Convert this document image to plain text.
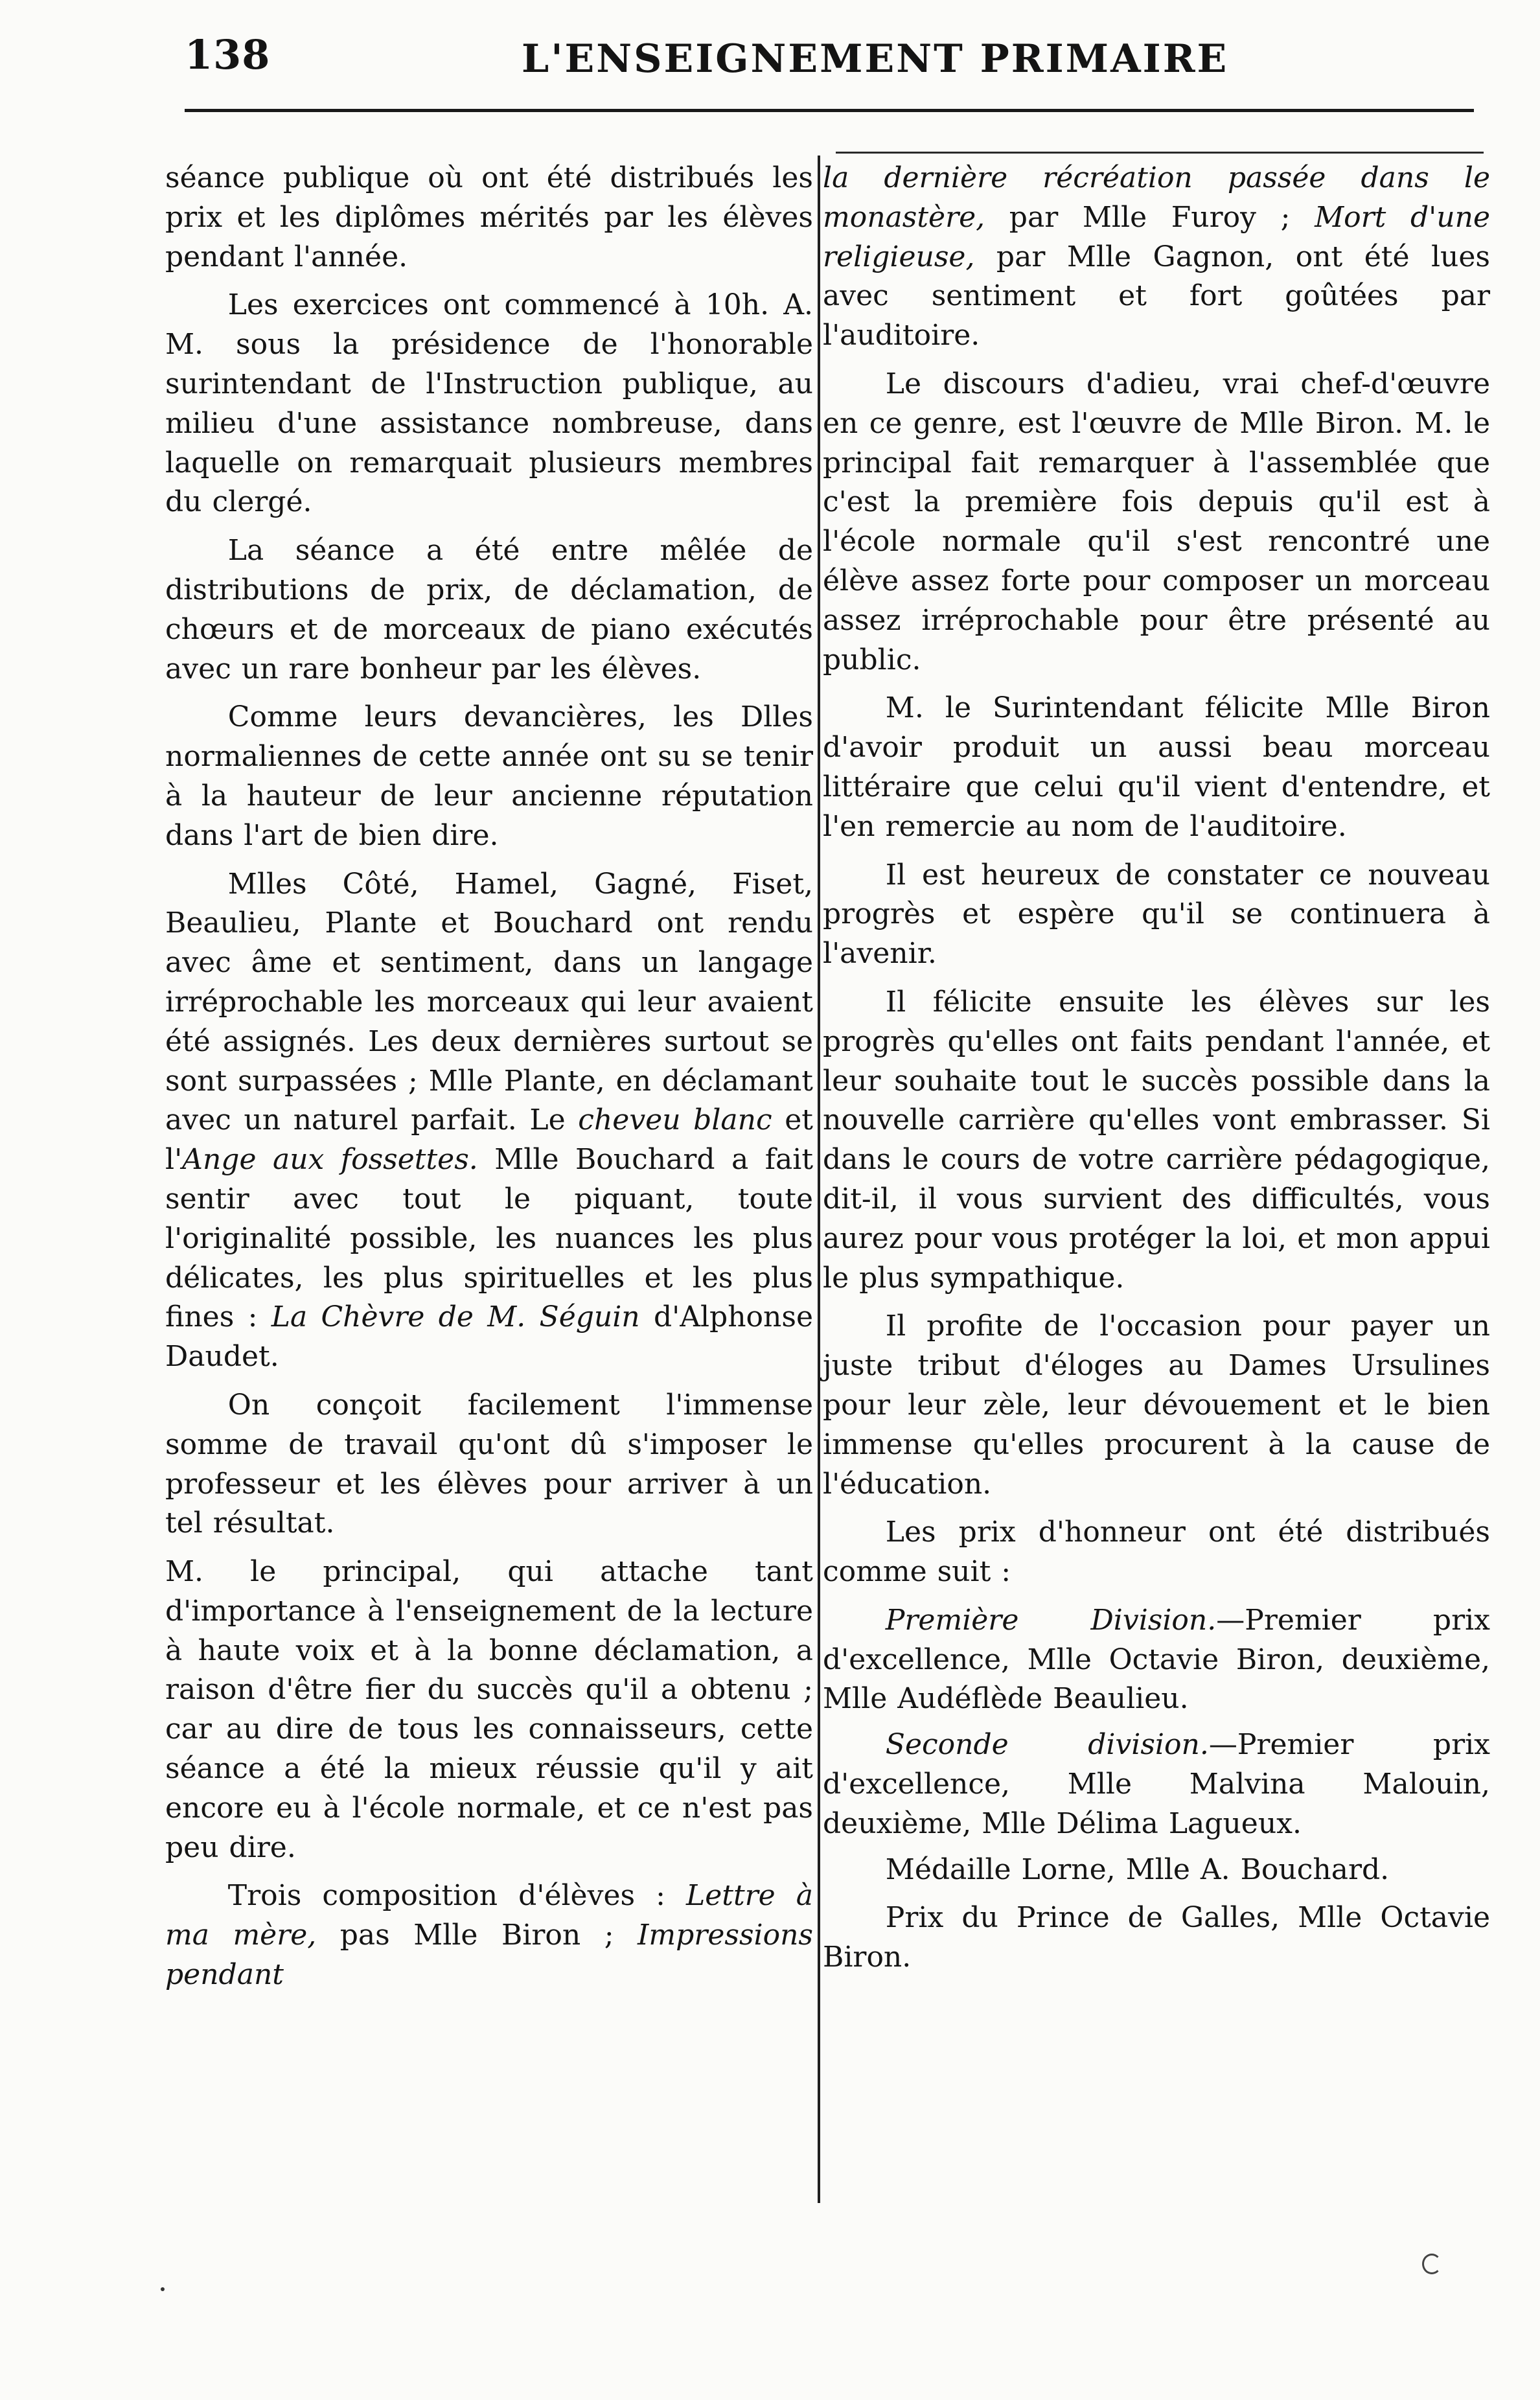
138	L'ENSEIGNEMENT PRIMAIRE

séance publique où ont été distribués les prix et les diplômes mérités par les élèves pendant l'année.

Les exercices ont commencé à 10h. A. M. sous la présidence de l'honorable surintendant de l'Instruction publique, au milieu d'une assistance nombreuse, dans laquelle on remarquait plusieurs membres du clergé.

La séance a été entre mêlée de distributions de prix, de déclamation, de chœurs et de morceaux de piano exécutés avec un rare bonheur par les élèves.

Comme leurs devancières, les Dlles normaliennes de cette année ont su se tenir à la hauteur de leur ancienne réputation dans l'art de bien dire.

Mlles Côté, Hamel, Gagné, Fiset, Beaulieu, Plante et Bouchard ont rendu avec âme et sentiment, dans un langage irréprochable les morceaux qui leur avaient été assignés. Les deux dernières surtout se sont surpassées ; Mlle Plante, en déclamant avec un naturel parfait. Le cheveu blanc et l'Ange aux fossettes. Mlle Bouchard a fait sentir avec tout le piquant, toute l'originalité possible, les nuances les plus délicates, les plus spirituelles et les plus fines : La Chèvre de M. Séguin d'Alphonse Daudet.

On conçoit facilement l'immense somme de travail qu'ont dû s'imposer le professeur et les élèves pour arriver à un tel résultat.

M. le principal, qui attache tant d'importance à l'enseignement de la lecture à haute voix et à la bonne déclamation, a raison d'être fier du succès qu'il a obtenu ; car au dire de tous les connaisseurs, cette séance a été la mieux réussie qu'il y ait encore eu à l'école normale, et ce n'est pas peu dire.

Trois composition d'élèves : Lettre à ma mère, pas Mlle Biron ; Impressions pendant

la dernière récréation passée dans le monastère, par Mlle Furoy ; Mort d'une religieuse, par Mlle Gagnon, ont été lues avec sentiment et fort goûtées par l'auditoire.

Le discours d'adieu, vrai chef-d'œuvre en ce genre, est l'œuvre de Mlle Biron. M. le principal fait remarquer à l'assemblée que c'est la première fois depuis qu'il est à l'école normale qu'il s'est rencontré une élève assez forte pour composer un morceau assez irréprochable pour être présenté au public.

M. le Surintendant félicite Mlle Biron d'avoir produit un aussi beau morceau littéraire que celui qu'il vient d'entendre, et l'en remercie au nom de l'auditoire.

Il est heureux de constater ce nouveau progrès et espère qu'il se continuera à l'avenir.

Il félicite ensuite les élèves sur les progrès qu'elles ont faits pendant l'année, et leur souhaite tout le succès possible dans la nouvelle carrière qu'elles vont embrasser. Si dans le cours de votre carrière pédagogique, dit-il, il vous survient des difficultés, vous aurez pour vous protéger la loi, et mon appui le plus sympathique.

Il profite de l'occasion pour payer un juste tribut d'éloges au Dames Ursulines pour leur zèle, leur dévouement et le bien immense qu'elles procurent à la cause de l'éducation.

Les prix d'honneur ont été distribués comme suit :

Première Division.—Premier prix d'excellence, Mlle Octavie Biron, deuxième, Mlle Audéflède Beaulieu.

Seconde division.—Premier prix d'excellence, Mlle Malvina Malouin, deuxième, Mlle Délima Lagueux.

Médaille Lorne, Mlle A. Bouchard.

Prix du Prince de Galles, Mlle Octavie Biron.
